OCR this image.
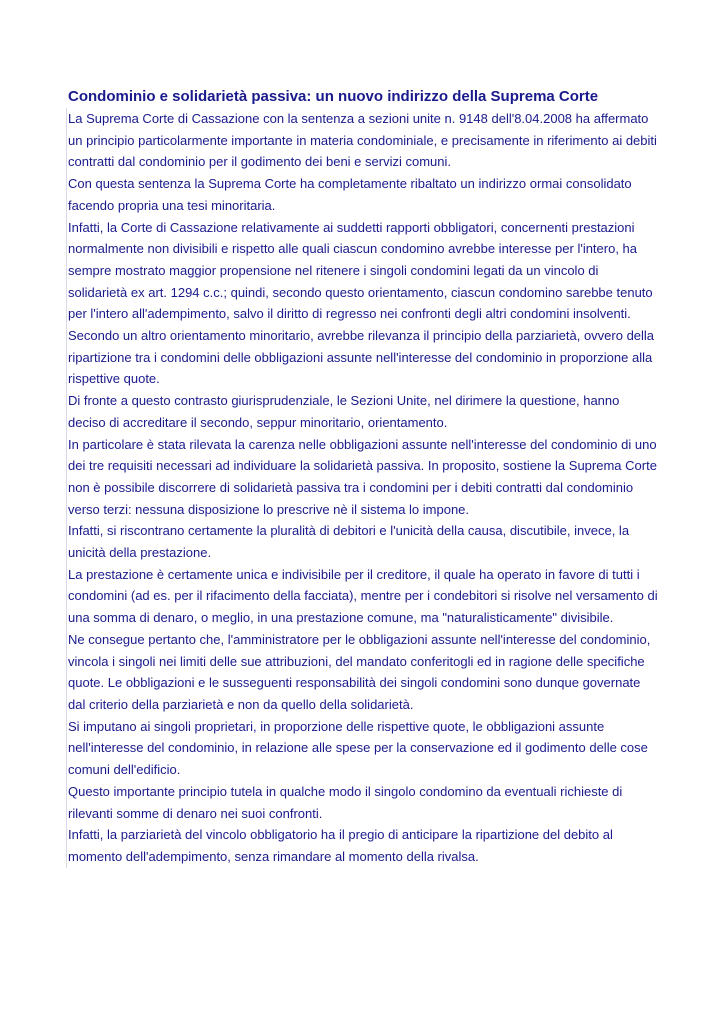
Condominio e solidarietà passiva: un nuovo indirizzo della Suprema Corte

La Suprema Corte di Cassazione con la sentenza a sezioni unite n. 9148 dell'8.04.2008 ha affermato un principio particolarmente importante in materia condominiale, e precisamente in riferimento ai debiti contratti dal condominio per il godimento dei beni e servizi comuni.

Con questa sentenza la Suprema Corte ha completamente ribaltato un indirizzo ormai consolidato facendo propria una tesi minoritaria.

Infatti, la Corte di Cassazione relativamente ai suddetti rapporti obbligatori, concernenti prestazioni normalmente non divisibili e rispetto alle quali ciascun condomino avrebbe interesse per l'intero, ha sempre mostrato maggior propensione nel ritenere i singoli condomini legati da un vincolo di solidarietà ex art. 1294 c.c.; quindi, secondo questo orientamento, ciascun condomino sarebbe tenuto per l'intero all'adempimento, salvo il diritto di regresso nei confronti degli altri condomini insolventi.

Secondo un altro orientamento minoritario, avrebbe rilevanza il principio della parziarietà, ovvero della ripartizione tra i condomini delle obbligazioni assunte nell'interesse del condominio in proporzione alla rispettive quote.

Di fronte a questo contrasto giurisprudenziale, le Sezioni Unite, nel dirimere la questione, hanno deciso di accreditare il secondo, seppur minoritario, orientamento.

In particolare è stata rilevata la carenza nelle obbligazioni assunte nell'interesse del condominio di uno dei tre requisiti necessari ad individuare la solidarietà passiva. In proposito, sostiene la Suprema Corte non è possibile discorrere di solidarietà passiva tra i condomini per i debiti contratti dal condominio verso terzi: nessuna disposizione lo prescrive nè il sistema lo impone.

Infatti, si riscontrano certamente la pluralità di debitori e l'unicità della causa, discutibile, invece, la unicità della prestazione.

La prestazione è certamente unica e indivisibile per il creditore, il quale ha operato in favore di tutti i condomini (ad es. per il rifacimento della facciata), mentre per i condebitori si risolve nel versamento di una somma di denaro, o meglio, in una prestazione comune, ma "naturalisticamente" divisibile.

Ne consegue pertanto che, l'amministratore per le obbligazioni assunte nell'interesse del condominio, vincola i singoli nei limiti delle sue attribuzioni, del mandato conferitogli ed in ragione delle specifiche quote. Le obbligazioni e le susseguenti responsabilità dei singoli condomini sono dunque governate dal criterio della parziarietà e non da quello della solidarietà.

Si imputano ai singoli proprietari, in proporzione delle rispettive quote, le obbligazioni assunte nell'interesse del condominio, in relazione alle spese per la conservazione ed il godimento delle cose comuni dell'edificio.

Questo importante principio tutela in qualche modo il singolo condomino da eventuali richieste di rilevanti somme di denaro nei suoi confronti.

Infatti, la parziarietà del vincolo obbligatorio ha il pregio di anticipare la ripartizione del debito al momento dell'adempimento, senza rimandare al momento della rivalsa.
